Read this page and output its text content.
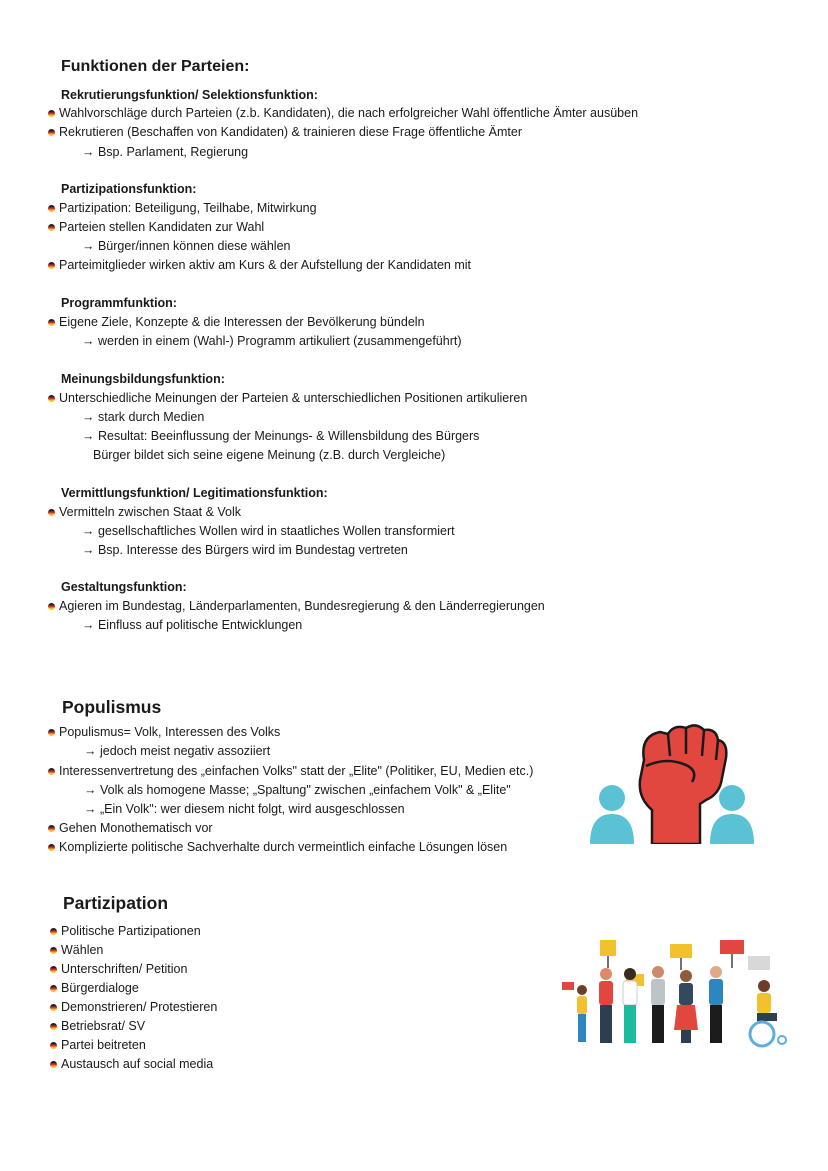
Funktionen der Parteien:
Rekrutierungsfunktion/ Selektionsfunktion:
Wahlvorschläge durch Parteien (z.b. Kandidaten), die nach erfolgreicher Wahl öffentliche Ämter ausüben
Rekrutieren (Beschaffen von Kandidaten) & trainieren diese Frage öffentliche Ämter
→ Bsp. Parlament, Regierung
Partizipationsfunktion:
Partizipation: Beteiligung, Teilhabe, Mitwirkung
Parteien stellen Kandidaten zur Wahl
→ Bürger/innen können diese wählen
Parteimitglieder wirken aktiv am Kurs & der Aufstellung der Kandidaten mit
Programmfunktion:
Eigene Ziele, Konzepte & die Interessen der Bevölkerung bündeln
→ werden in einem (Wahl-) Programm artikuliert (zusammengeführt)
Meinungsbildungsfunktion:
Unterschiedliche Meinungen der Parteien & unterschiedlichen Positionen artikulieren
→ stark durch Medien
→ Resultat: Beeinflussung der Meinungs- & Willensbildung des Bürgers
Bürger bildet sich seine eigene Meinung (z.B. durch Vergleiche)
Vermittlungsfunktion/ Legitimationsfunktion:
Vermitteln zwischen Staat & Volk
→ gesellschaftliches Wollen wird in staatliches Wollen transformiert
→ Bsp. Interesse des Bürgers wird im Bundestag vertreten
Gestaltungsfunktion:
Agieren im Bundestag, Länderparlamenten, Bundesregierung & den Länderregierungen
→ Einfluss auf politische Entwicklungen
Populismus
Populismus= Volk, Interessen des Volks
→ jedoch meist negativ assoziiert
Interessenvertretung des „einfachen Volks" statt der „Elite" (Politiker, EU, Medien etc.)
→ Volk als homogene Masse; „Spaltung" zwischen „einfachem Volk" & „Elite"
→ „Ein Volk": wer diesem nicht folgt, wird ausgeschlossen
Gehen Monothematisch vor
Komplizierte politische Sachverhalte durch vermeintlich einfache Lösungen lösen
Partizipation
Politische Partizipationen
Wählen
Unterschriften/ Petition
Bürgerdialoge
Demonstrieren/ Protestieren
Betriebsrat/ SV
Partei beitreten
Austausch auf social media
